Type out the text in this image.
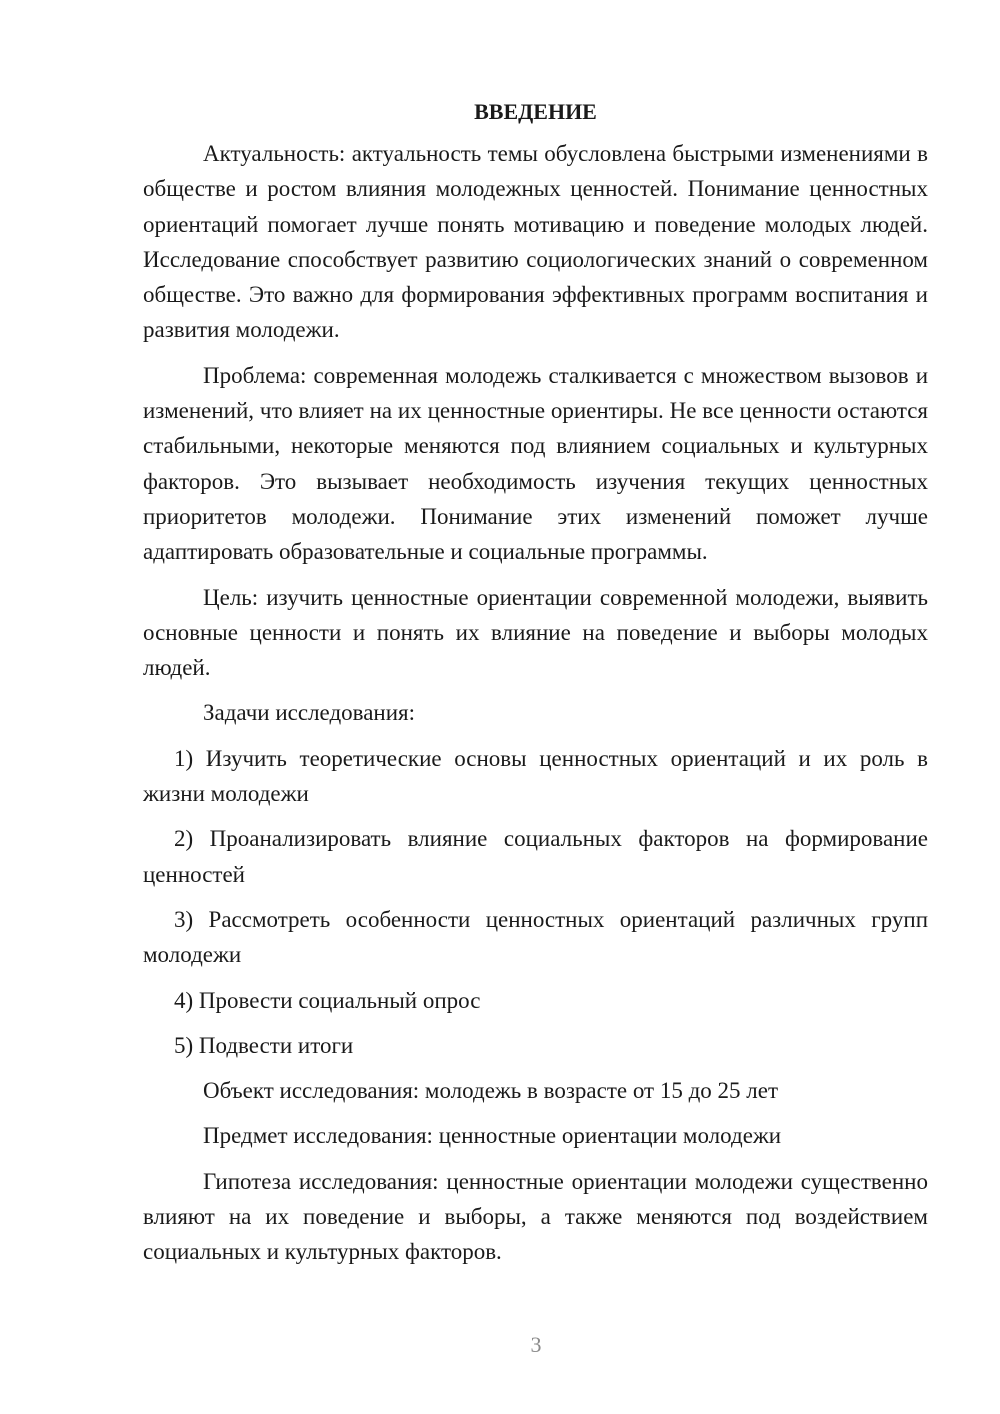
ВВЕДЕНИЕ

Актуальность: актуальность темы обусловлена быстрыми изменениями в обществе и ростом влияния молодежных ценностей. Понимание ценностных ориентаций помогает лучше понять мотивацию и поведение молодых людей. Исследование способствует развитию социологических знаний о современном обществе. Это важно для формирования эффективных программ воспитания и развития молодежи.

Проблема: современная молодежь сталкивается с множеством вызовов и изменений, что влияет на их ценностные ориентиры. Не все ценности остаются стабильными, некоторые меняются под влиянием социальных и культурных факторов. Это вызывает необходимость изучения текущих ценностных приоритетов молодежи. Понимание этих изменений поможет лучше адаптировать образовательные и социальные программы.

Цель: изучить ценностные ориентации современной молодежи, выявить основные ценности и понять их влияние на поведение и выборы молодых людей.

Задачи исследования:

1) Изучить теоретические основы ценностных ориентаций и их роль в жизни молодежи

2) Проанализировать влияние социальных факторов на формирование ценностей

3) Рассмотреть особенности ценностных ориентаций различных групп молодежи

4) Провести социальный опрос

5) Подвести итоги

Объект исследования: молодежь в возрасте от 15 до 25 лет

Предмет исследования: ценностные ориентации молодежи

Гипотеза исследования: ценностные ориентации молодежи существенно влияют на их поведение и выборы, а также меняются под воздействием социальных и культурных факторов.

3
